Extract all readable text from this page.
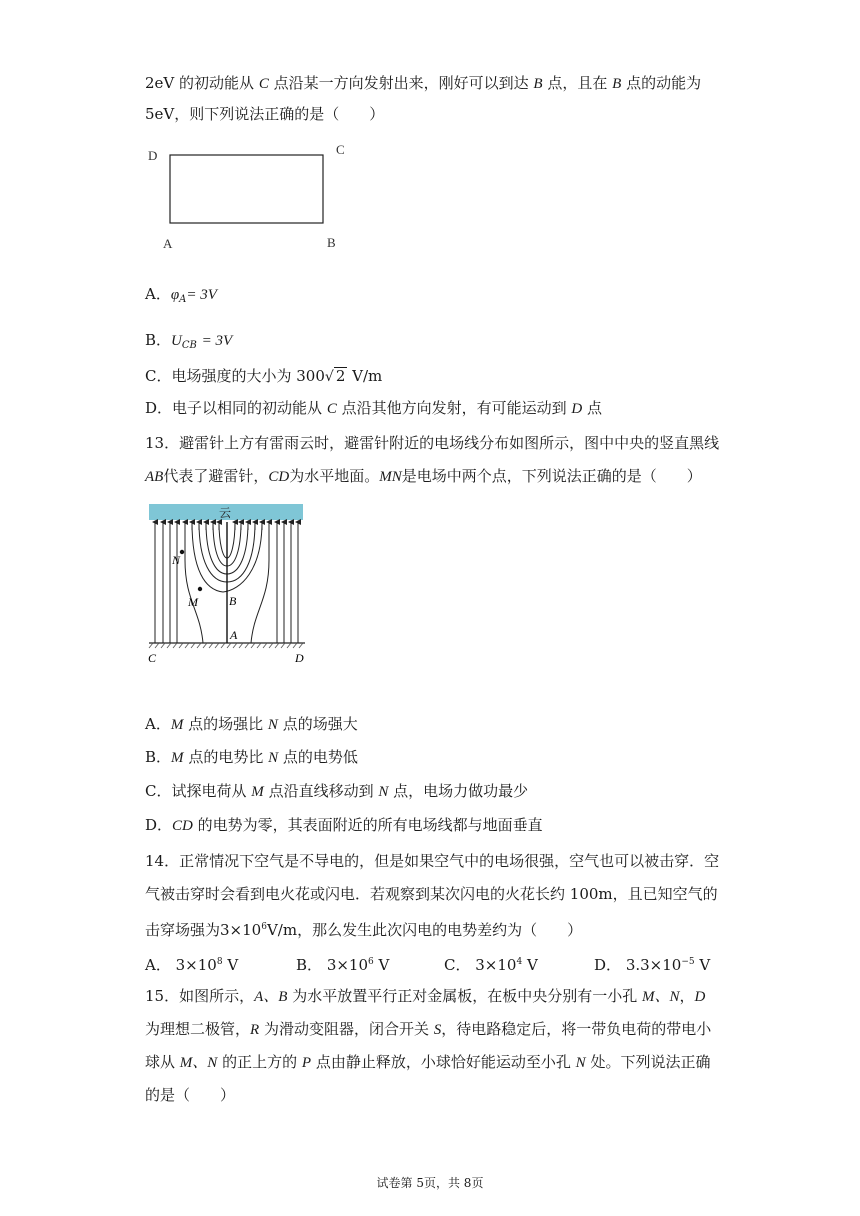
2eV 的初动能从 C 点沿某一方向发射出来，刚好可以到达 B 点，且在 B 点的动能为
5eV，则下列说法正确的是（　　）
D	C
A	B
A．$\varphi_A= 3V$
B．$U_{CB} = 3V$
C．电场强度的大小为 300√ 2 V/m
D．电子以相同的初动能从 C 点沿其他方向发射，有可能运动到 D 点
13．避雷针上方有雷雨云时，避雷针附近的电场线分布如图所示，图中中央的竖直黑线
AB代表了避雷针，CD为水平地面。MN是电场中两个点，下列说法正确的是（　　）
云
N
M	B
A
C	D
A．M 点的场强比 N 点的场强大
B．M 点的电势比 N 点的电势低
C．试探电荷从 M 点沿直线移动到 N 点，电场力做功最少
D．CD 的电势为零，其表面附近的所有电场线都与地面垂直
14．正常情况下空气是不导电的，但是如果空气中的电场很强，空气也可以被击穿．空
气被击穿时会看到电火花或闪电．若观察到某次闪电的火花长约 100m，且已知空气的
击穿场强为$3\times 10^6V/m$，那么发生此次闪电的电势差约为（　　）
A． $3\times 10^8$ V	B． $3\times 10^6$ V	C． $3\times 10^4$ V	D． $3.3\times 10^{-5}$ V
15．如图所示，A、B 为水平放置平行正对金属板，在板中央分别有一小孔 M、N，D
为理想二极管，R 为滑动变阻器，闭合开关 S，待电路稳定后，将一带负电荷的带电小
球从 M、N 的正上方的 P 点由静止释放，小球恰好能运动至小孔 N 处。下列说法正确
的是（　　）
试卷第 5页，共 8页
